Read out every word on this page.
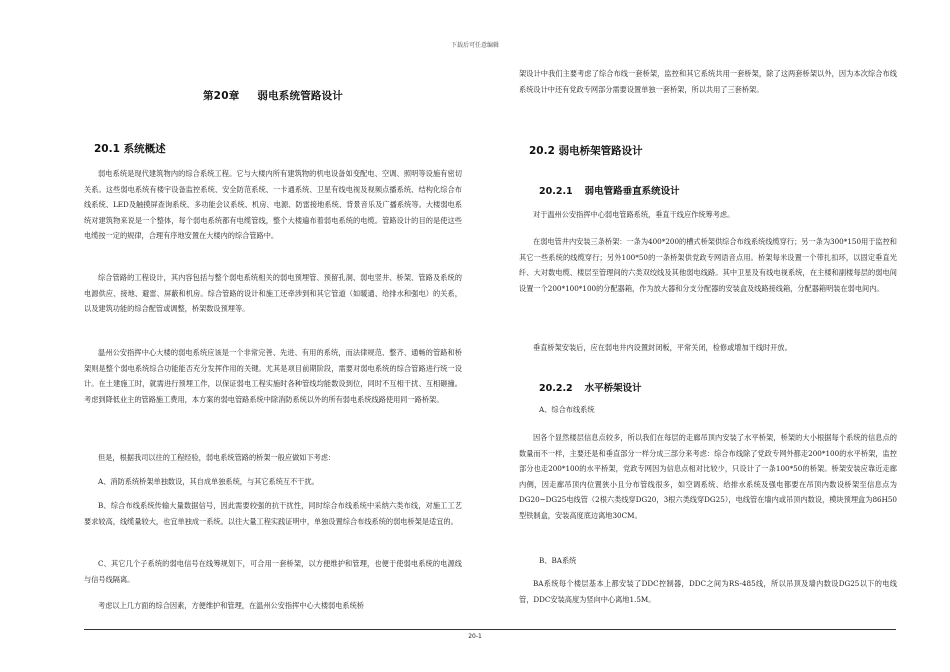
下载后可任意编辑
第20章 弱电系统管路设计
20.1 系统概述

弱电系统是现代建筑物内的综合系统工程。它与大楼内所有建筑物的机电设备如变配电、空调、照明等设施有密切关系。这些弱电系统有楼宇设备监控系统、安全防范系统、一卡通系统、卫星有线电视及视频点播系统、结构化综合布线系统、LED及触摸屏查询系统、多功能会议系统、机房、电源、防雷接地系统、背景音乐及广播系统等。大楼弱电系统对建筑物来说是一个整体，每个弱电系统都有电缆管线，整个大楼遍布着弱电系统的电缆。管路设计的目的是使这些电缆按一定的规律，合理有序地安置在大楼内的综合管路中。

综合管路的工程设计，其内容包括与整个弱电系统相关的弱电预埋管、预留孔洞、弱电竖井、桥架、管路及系统的电源供应、接地、避雷、屏蔽和机房。综合管路的设计和施工还牵涉到和其它管道（如暖通、给排水和强电）的关系，以及建筑功能的综合配管或调整，桥架数设预埋等。

温州公安指挥中心大楼的弱电系统应该是一个非常完善、先进、有用的系统，而法律规范、整齐、通畅的管路和桥架则是整个弱电系统综合功能能否充分发挥作用的关键。尤其是项目前期阶段，需要对弱电系统的综合管路进行统一设计。在土建施工时，就需进行预埋工作，以保证弱电工程实施时各种管线均能数设到位，同时不互相干扰、互相砸撞。考虑到降低业主的管路施工费用，本方案的弱电管路系统中除消防系统以外的所有弱电系统线路使用同一路桥架。

但是，根据我司以往的工程经验，弱电系统管路的桥架一般应做如下考虑：

A、消防系统桥架单独数设，其自成单独系统，与其它系统互不干扰。

B、综合布线系统传输大量数据信号，因此需要较强的抗干扰性，同时综合布线系统中采纳六类布线，对施工工艺要求较高，线缆量较大，也宜单独成一系统。以往大量工程实践证明中，单独设置综合布线系统的弱电桥架是适宜的。

C、其它几个子系统的弱电信号在线筹规划下，可合用一套桥架，以方便维护和管理，也便于使弱电系统的电源线与信号线隔离。

考虑以上几方面的综合因素，方便维护和管理，在温州公安指挥中心大楼弱电系统桥

架设计中我们主要考虑了综合布线一套桥架，监控和其它系统共用一套桥架，除了这两套桥架以外，因为本次综合布线系统设计中还有党政专网部分需要设置单独一套桥架，所以共用了三套桥架。

20.2 弱电桥架管路设计
20.2.1 弱电管路垂直系统设计

对于温州公安指挥中心弱电管路系统，垂直干线应作统筹考虑。

在弱电管井内安装三条桥架：一条为400*200的槽式桥架供综合布线系统线缆穿行；另一条为300*150用于监控和其它一些系统的线缆穿行；另外100*50的一条桥架供党政专网语音点用。桥架每米设置一个带扎扣环，以固定垂直光纤、大对数电缆、楼层至管理间的六类双绞线及其他弱电线路。其中卫星及有线电视系统，在主楼和副楼每层的弱电间设置一个200*100*100的分配器箱，作为放大器和分支分配器的安装盒及线路接线箱，分配器箱明装在弱电间内。

垂直桥架安装后，应在弱电井内设置封闭板，平常关闭，检修或增加干线时开放。

20.2.2 水平桥架设计
A、综合布线系统

因各个显然楼层信息点较多，所以我们在每层的走廊吊顶内安装了水平桥架，桥架的大小根据每个系统的信息点的数量而不一样，主要还是和垂直部分一样分成三部分来考虑：综合布线除了党政专网外都走200*100的水平桥架，监控部分也走200*100的水平桥架，党政专网因为信息点相对比较少，只设计了一条100*50的桥架。桥架安装应靠近走廊内侧，因走廊吊顶内位置狭小且分布管线很多，如空调系统、给排水系统及强电都要在吊顶内数设桥架至信息点为DG20~DG25电线管（2根六类线穿DG20，3根六类线穿DG25），电线管在墙内或吊顶内数设，模块预埋盒为86H50型铁制盒，安装高度底边离地30CM。

B、BA系统

BA系统每个楼层基本上都安装了DDC控制器，DDC之间为RS-485线，所以吊顶及墙内数设DG25以下的电线管，DDC安装高度为竖向中心离地1.5M。

20-1
